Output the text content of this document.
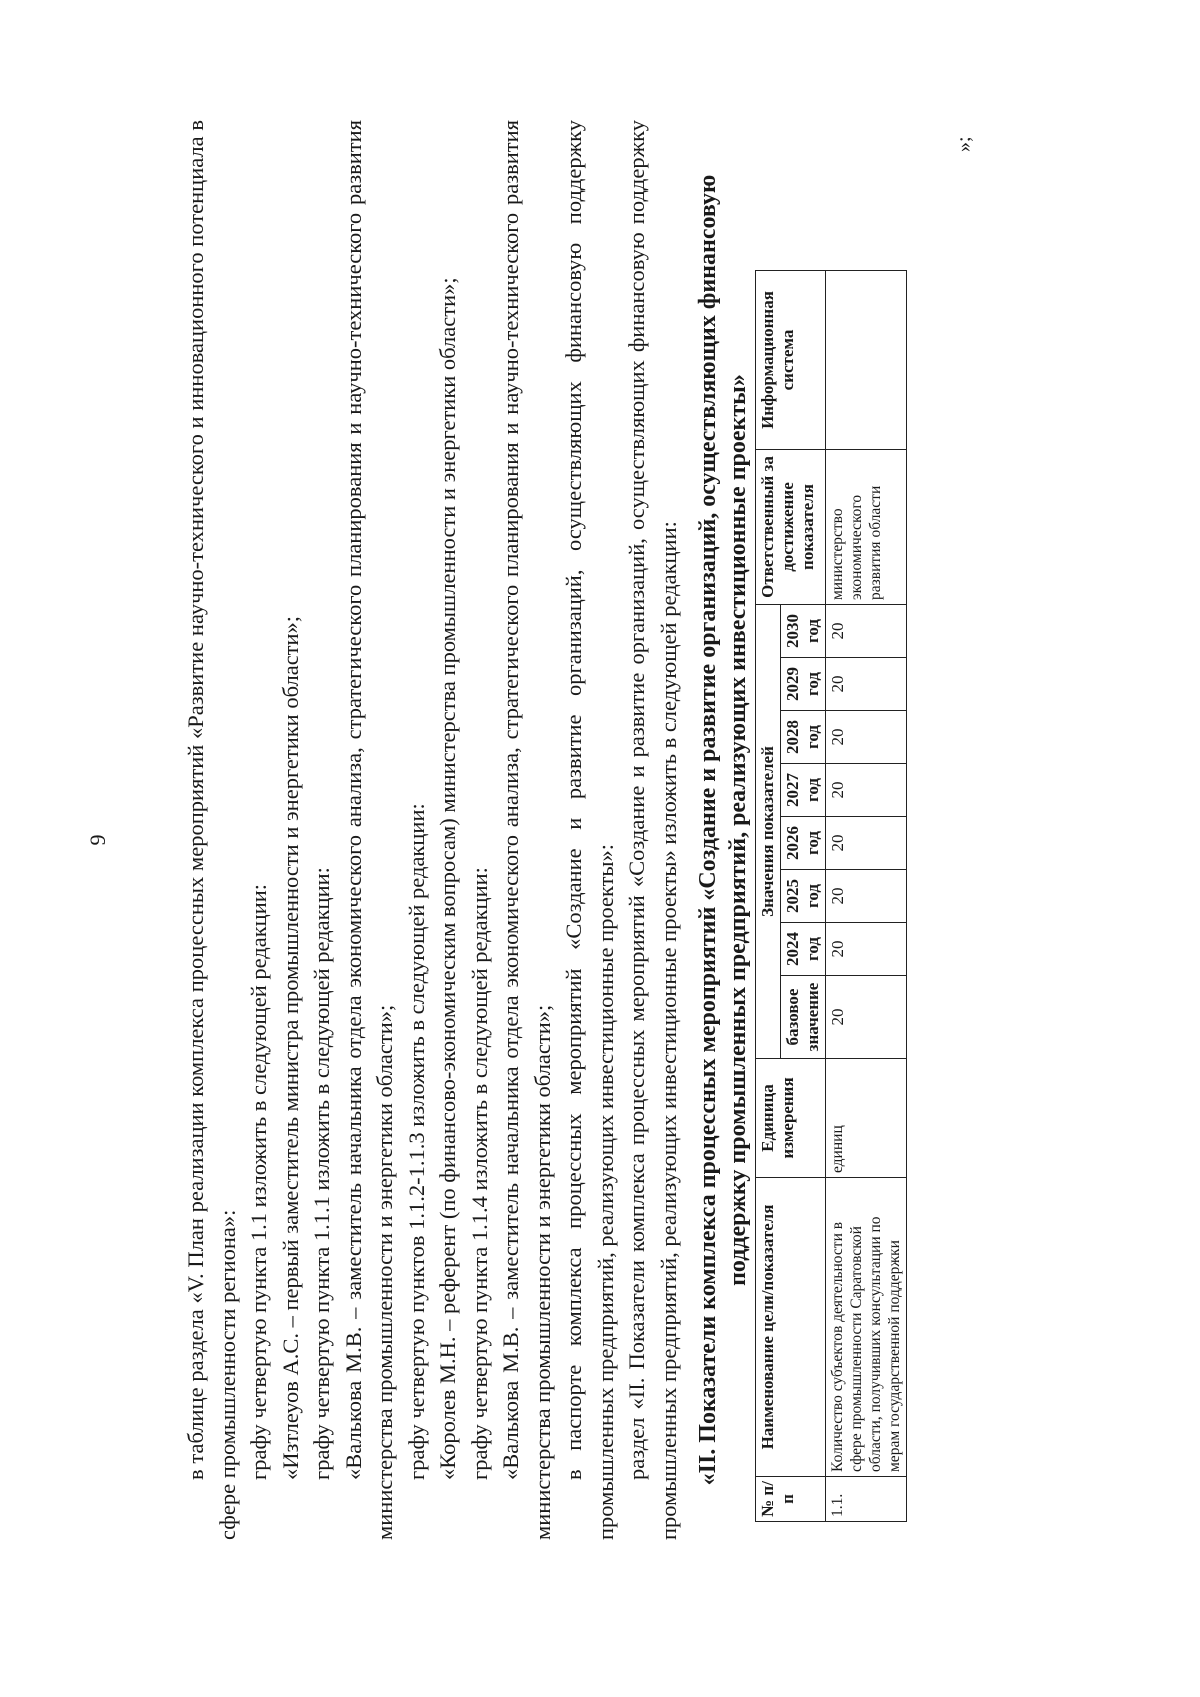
9	в таблице раздела «V. План реализации комплекса процессных мероприятий «Развитие научно-технического и инновационного потенциала в сфере промышленности региона»: графу четвертую пункта 1.1 изложить в следующей редакции: «Изтлеуов А.С. – первый заместитель министра промышленности и энергетики области»; графу четвертую пункта 1.1.1 изложить в следующей редакции: «Валькова М.В. – заместитель начальника отдела экономического анализа, стратегического планирования и научно-технического развития министерства промышленности и энергетики области»; графу четвертую пунктов 1.1.2-1.1.3 изложить в следующей редакции: «Королев М.Н. – референт (по финансово-экономическим вопросам) министерства промышленности и энергетики области»; графу четвертую пункта 1.1.4 изложить в следующей редакции: «Валькова М.В. – заместитель начальника отдела экономического анализа, стратегического планирования и научно-технического развития министерства промышленности и энергетики области»; в паспорте комплекса процессных мероприятий «Создание и развитие организаций, осуществляющих финансовую поддержку промышленных предприятий, реализующих инвестиционные проекты»: раздел «II. Показатели комплекса процессных мероприятий «Создание и развитие организаций, осуществляющих финансовую поддержку промышленных предприятий, реализующих инвестиционные проекты» изложить в следующей редакции: «II. Показатели комплекса процессных мероприятий «Создание и развитие организаций, осуществляющих финансовую поддержку промышленных предприятий, реализующих инвестиционные проекты»
№ п/п	Наименование цели/показателя	Единица измерения	Значения показателей								Ответственный за достижение показателя	Информационная система
			базовое значение	2024 год	2025 год	2026 год	2027 год	2028 год	2029 год	2030 год		
1.1.	Количество субъектов деятельности в сфере промышленности Саратовской области, получивших консультации по мерам государственной поддержки	единиц	20	20	20	20	20	20	20	20	министерство экономического развития области	
»;
